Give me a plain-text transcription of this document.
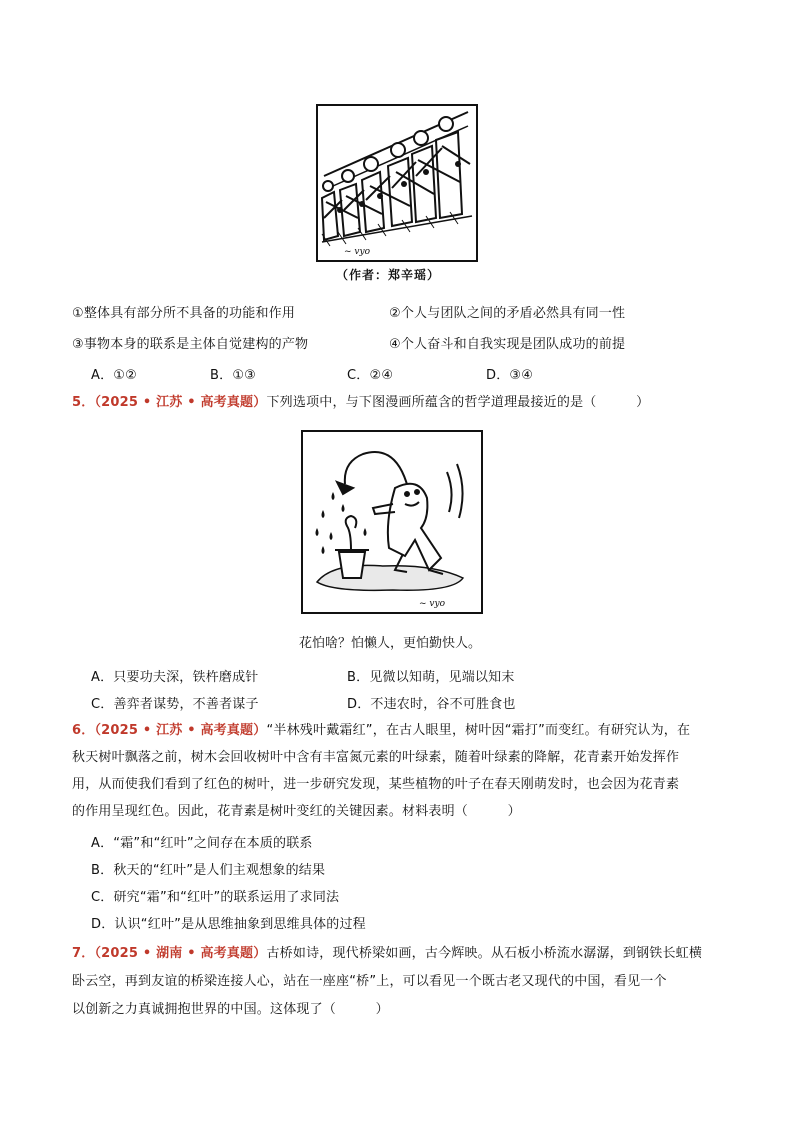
~ vyo
（作者：郑辛瑶）
①整体具有部分所不具备的功能和作用	②个人与团队之间的矛盾必然具有同一性
③事物本身的联系是主体自觉建构的产物	④个人奋斗和自我实现是团队成功的前提
A．①②	B．①③	C．②④	D．③④
5．（2025 • 江苏 • 高考真题）下列选项中，与下图漫画所蕴含的哲学道理最接近的是（　　　）
~ vyo
花怕啥？怕懒人，更怕勤快人。
A．只要功夫深，铁杵磨成针	B．见微以知萌，见端以知末
C．善弈者谋势，不善者谋子	D．不违农时，谷不可胜食也
6．（2025 • 江苏 • 高考真题）“半林残叶戴霜红”，在古人眼里，树叶因“霜打”而变红。有研究认为，在
秋天树叶飘落之前，树木会回收树叶中含有丰富氮元素的叶绿素，随着叶绿素的降解，花青素开始发挥作
用，从而使我们看到了红色的树叶，进一步研究发现，某些植物的叶子在春天刚萌发时，也会因为花青素
的作用呈现红色。因此，花青素是树叶变红的关键因素。材料表明（　　　）
A．“霜”和“红叶”之间存在本质的联系
B．秋天的“红叶”是人们主观想象的结果
C．研究“霜”和“红叶”的联系运用了求同法
D．认识“红叶”是从思维抽象到思维具体的过程
7．（2025 • 湖南 • 高考真题）古桥如诗，现代桥梁如画，古今辉映。从石板小桥流水潺潺，到钢铁长虹横
卧云空，再到友谊的桥梁连接人心，站在一座座“桥”上，可以看见一个既古老又现代的中国，看见一个
以创新之力真诚拥抱世界的中国。这体现了（　　　）
